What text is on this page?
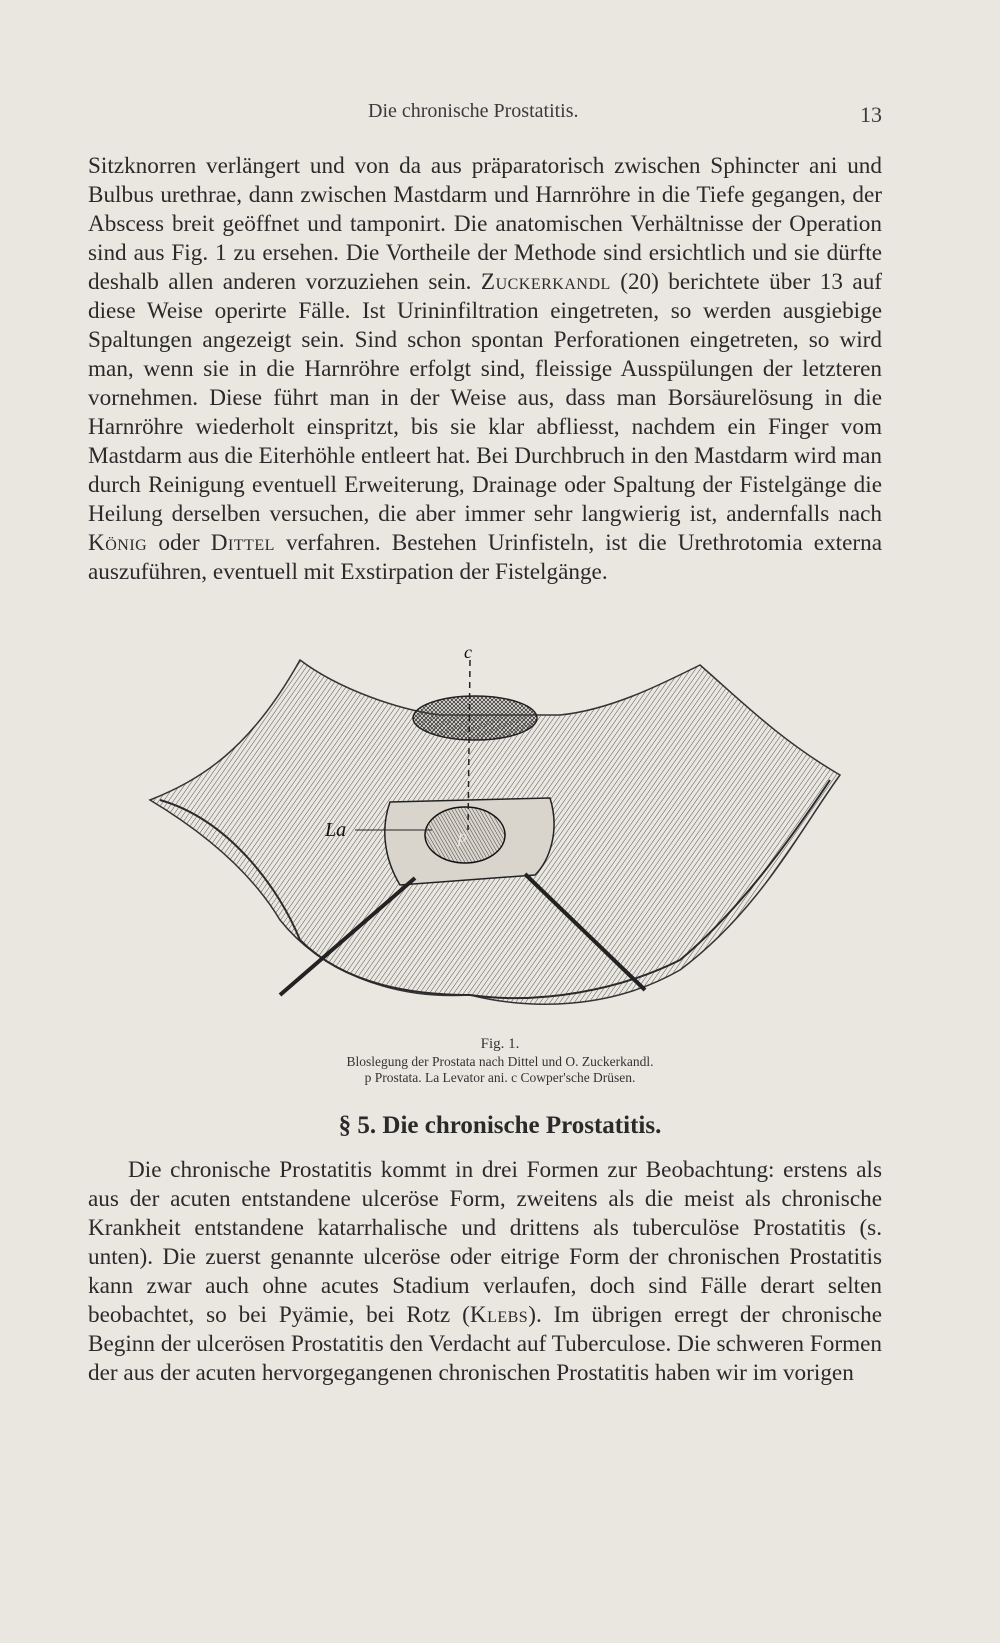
Die chronische Prostatitis.	13

Sitzknorren verlängert und von da aus präparatorisch zwischen Sphincter ani und Bulbus urethrae, dann zwischen Mastdarm und Harnröhre in die Tiefe gegangen, der Abscess breit geöffnet und tamponirt. Die anatomischen Verhältnisse der Operation sind aus Fig. 1 zu ersehen. Die Vortheile der Methode sind ersichtlich und sie dürfte deshalb allen anderen vorzuziehen sein. Zuckerkandl (20) berichtete über 13 auf diese Weise operirte Fälle. Ist Urininfiltration eingetreten, so werden ausgiebige Spaltungen angezeigt sein. Sind schon spontan Perforationen eingetreten, so wird man, wenn sie in die Harnröhre erfolgt sind, fleissige Ausspülungen der letzteren vornehmen. Diese führt man in der Weise aus, dass man Borsäurelösung in die Harnröhre wiederholt einspritzt, bis sie klar abfliesst, nachdem ein Finger vom Mastdarm aus die Eiterhöhle entleert hat. Bei Durchbruch in den Mastdarm wird man durch Reinigung eventuell Erweiterung, Drainage oder Spaltung der Fistelgänge die Heilung derselben versuchen, die aber immer sehr langwierig ist, andernfalls nach König oder Dittel verfahren. Bestehen Urinfisteln, ist die Urethrotomia externa auszuführen, eventuell mit Exstirpation der Fistelgänge.

c
La	p
Fig. 1.
Bloslegung der Prostata nach Dittel und O. Zuckerkandl.
p Prostata. La Levator ani. c Cowper'sche Drüsen.
§ 5. Die chronische Prostatitis.

Die chronische Prostatitis kommt in drei Formen zur Beobachtung: erstens als aus der acuten entstandene ulceröse Form, zweitens als die meist als chronische Krankheit entstandene katarrhalische und drittens als tuberculöse Prostatitis (s. unten). Die zuerst genannte ulceröse oder eitrige Form der chronischen Prostatitis kann zwar auch ohne acutes Stadium verlaufen, doch sind Fälle derart selten beobachtet, so bei Pyämie, bei Rotz (Klebs). Im übrigen erregt der chronische Beginn der ulcerösen Prostatitis den Verdacht auf Tuberculose. Die schweren Formen der aus der acuten hervorgegangenen chronischen Prostatitis haben wir im vorigen
